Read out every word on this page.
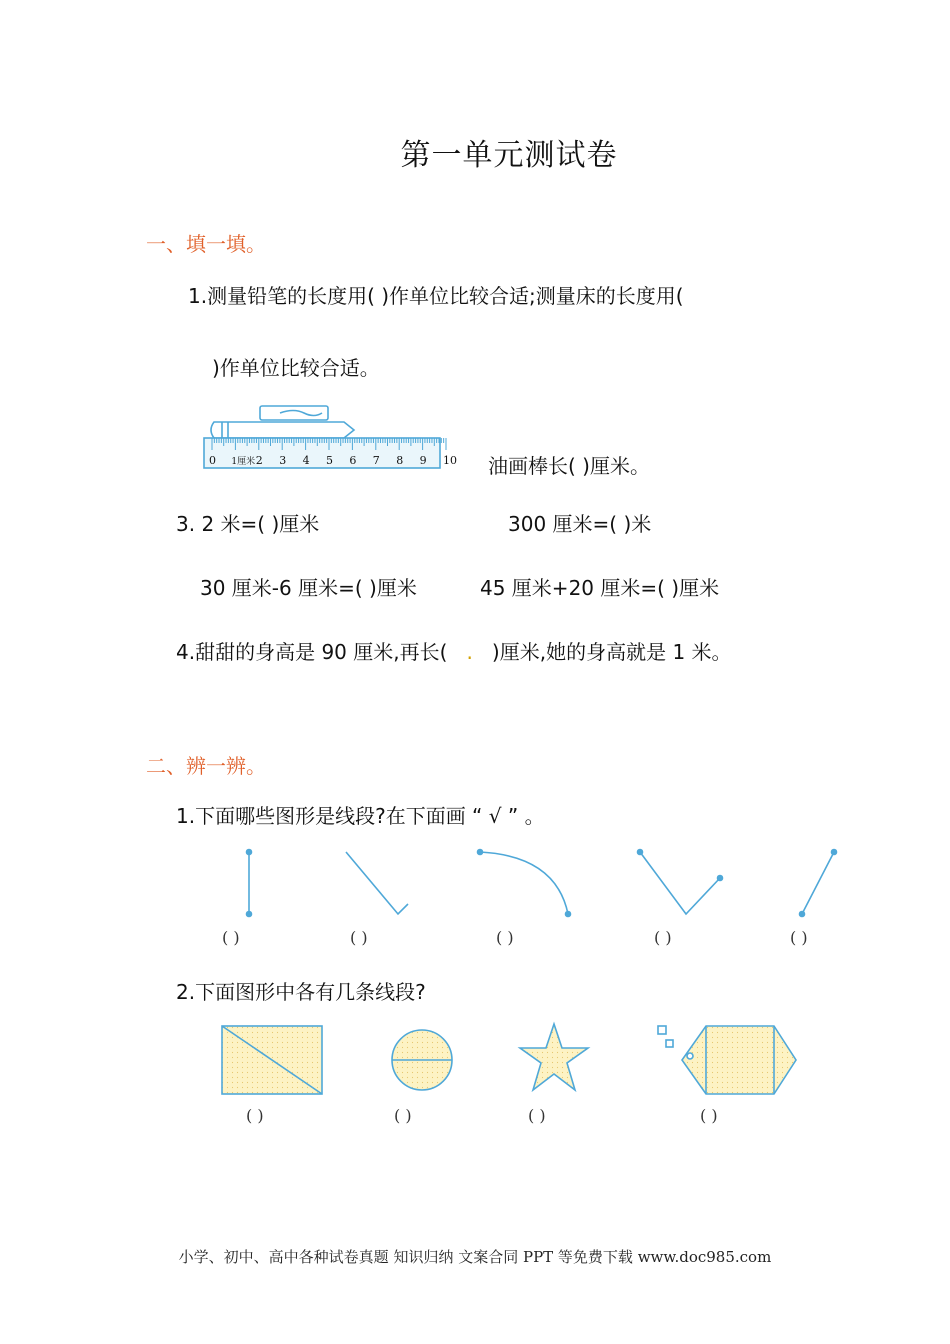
第一单元测试卷
一、填一填。
1.测量铅笔的长度用( )作单位比较合适;测量床的长度用(
)作单位比较合适。
0 1厘米 2 3 4 5 6 7 8 9 10 油画棒长( )厘米。
3. 2 米=( )厘米	300 厘米=( )米
30 厘米-6 厘米=( )厘米	45 厘米+20 厘米=( )厘米
4.甜甜的身高是 90 厘米,再长( . )厘米,她的身高就是 1 米。
二、辨一辨。
1.下面哪些图形是线段?在下面画 “ √ ” 。
( )	( )	( )	( )	( )
2.下面图形中各有几条线段?
( )	( )	( )	( )
小学、初中、高中各种试卷真题 知识归纳 文案合同 PPT 等免费下载 www.doc985.com
